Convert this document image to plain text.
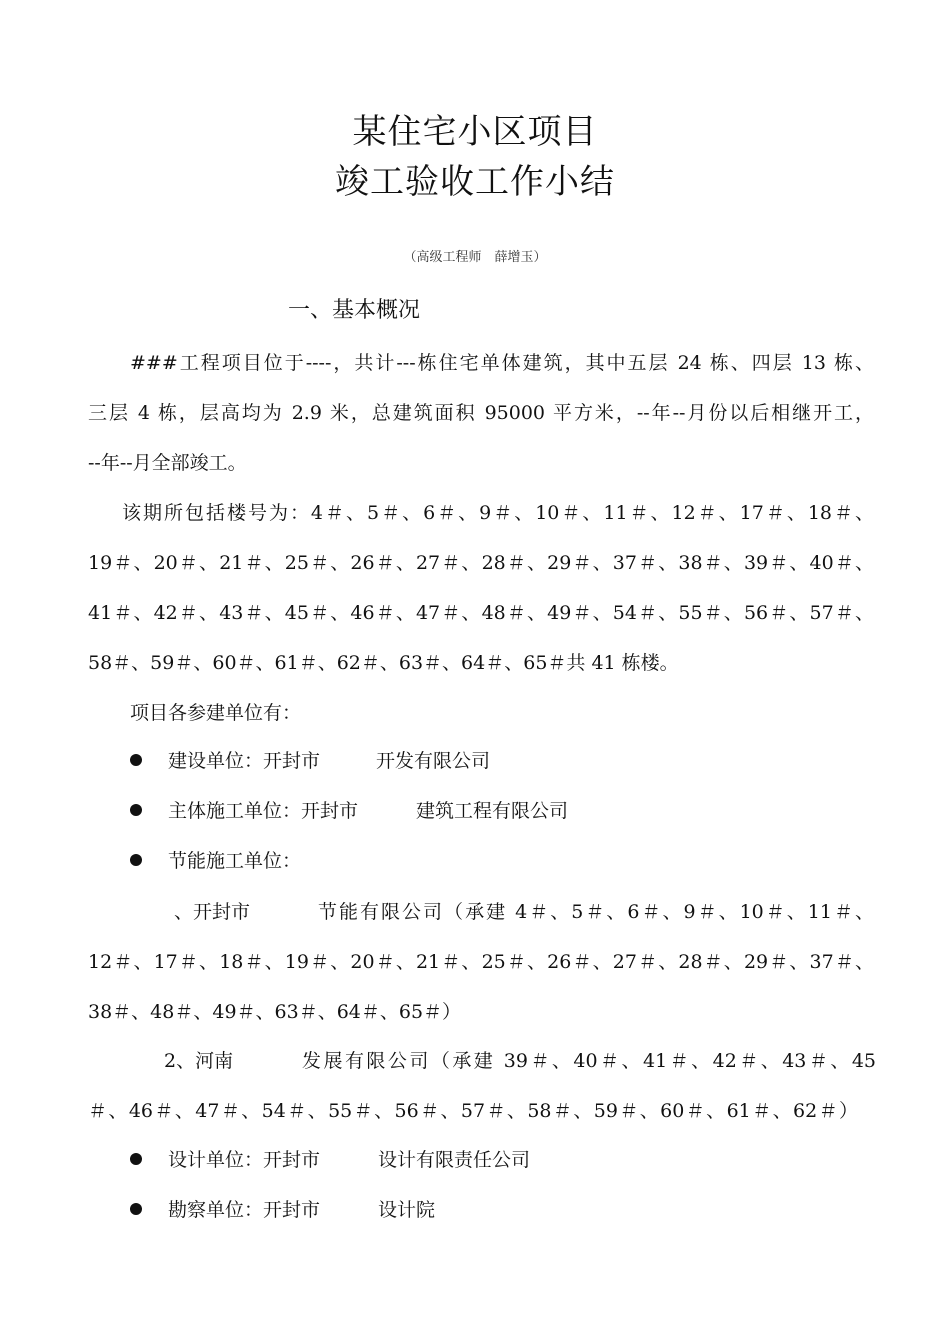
某住宅小区项目
竣工验收工作小结
（高级工程师　薛增玉）
一、基本概况
###工程项目位于----，共计---栋住宅单体建筑，其中五层 24 栋、四层 13 栋、
三层 4 栋，层高均为 2.9 米，总建筑面积 95000 平方米，--年--月份以后相继开工，
--年--月全部竣工。
该期所包括楼号为：4＃、5＃、6＃、9＃、10＃、11＃、12＃、17＃、18＃、
19＃、20＃、21＃、25＃、26＃、27＃、28＃、29＃、37＃、38＃、39＃、40＃、
41＃、42＃、43＃、45＃、46＃、47＃、48＃、49＃、54＃、55＃、56＃、57＃、
58＃、59＃、60＃、61＃、62＃、63＃、64＃、65＃共 41 栋楼。
项目各参建单位有：
建设单位：开封市	开发有限公司
主体施工单位：开封市	建筑工程有限公司
节能施工单位：
、开封市	节能有限公司（承建 4＃、5＃、6＃、9＃、10＃、11＃、
12＃、17＃、18＃、19＃、20＃、21＃、25＃、26＃、27＃、28＃、29＃、37＃、
38＃、48＃、49＃、63＃、64＃、65＃）
2、河南	发展有限公司（承建 39＃、40＃、41＃、42＃、43＃、45
＃、46＃、47＃、54＃、55＃、56＃、57＃、58＃、59＃、60＃、61＃、62＃）
设计单位：开封市	设计有限责任公司
勘察单位：开封市	设计院
